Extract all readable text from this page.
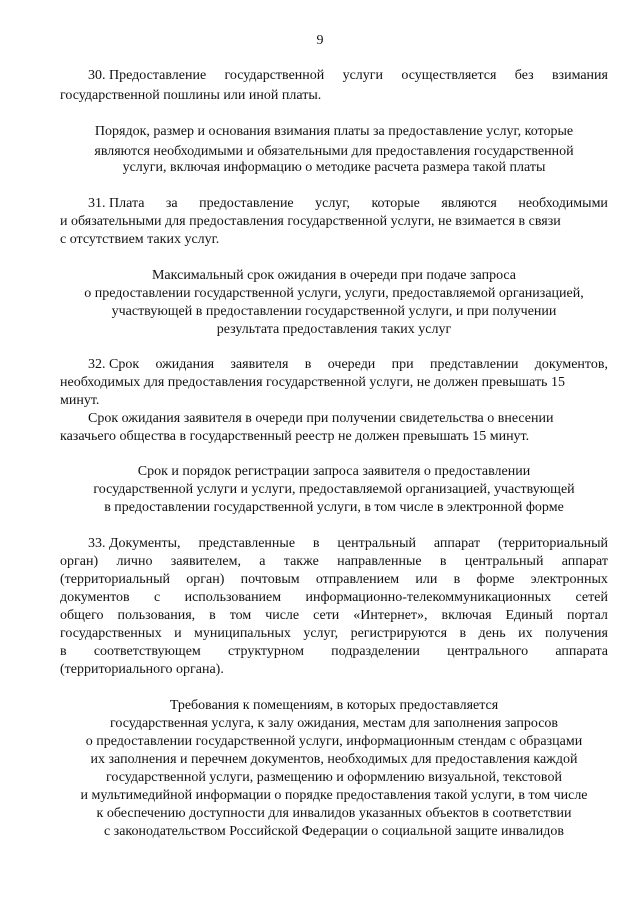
9
30. Предоставление государственной услуги осуществляется без взимания
государственной пошлины или иной платы.
Порядок, размер и основания взимания платы за предоставление услуг, которые
являются необходимыми и обязательными для предоставления государственной
услуги, включая информацию о методике расчета размера такой платы
31. Плата за предоставление услуг, которые являются необходимыми
и обязательными для предоставления государственной услуги, не взимается в связи
с отсутствием таких услуг.
Максимальный срок ожидания в очереди при подаче запроса
о предоставлении государственной услуги, услуги, предоставляемой организацией,
участвующей в предоставлении государственной услуги, и при получении
результата предоставления таких услуг
32. Срок ожидания заявителя в очереди при представлении документов,
необходимых для предоставления государственной услуги, не должен превышать 15
минут.
Срок ожидания заявителя в очереди при получении свидетельства о внесении
казачьего общества в государственный реестр не должен превышать 15 минут.
Срок и порядок регистрации запроса заявителя о предоставлении
государственной услуги и услуги, предоставляемой организацией, участвующей
в предоставлении государственной услуги, в том числе в электронной форме
33. Документы, представленные в центральный аппарат (территориальный
орган) лично заявителем, а также направленные в центральный аппарат
(территориальный орган) почтовым отправлением или в форме электронных
документов с использованием информационно-телекоммуникационных сетей
общего пользования, в том числе сети «Интернет», включая Единый портал
государственных и муниципальных услуг, регистрируются в день их получения
в соответствующем структурном подразделении центрального аппарата
(территориального органа).
Требования к помещениям, в которых предоставляется
государственная услуга, к залу ожидания, местам для заполнения запросов
о предоставлении государственной услуги, информационным стендам с образцами
их заполнения и перечнем документов, необходимых для предоставления каждой
государственной услуги, размещению и оформлению визуальной, текстовой
и мультимедийной информации о порядке предоставления такой услуги, в том числе
к обеспечению доступности для инвалидов указанных объектов в соответствии
с законодательством Российской Федерации о социальной защите инвалидов
